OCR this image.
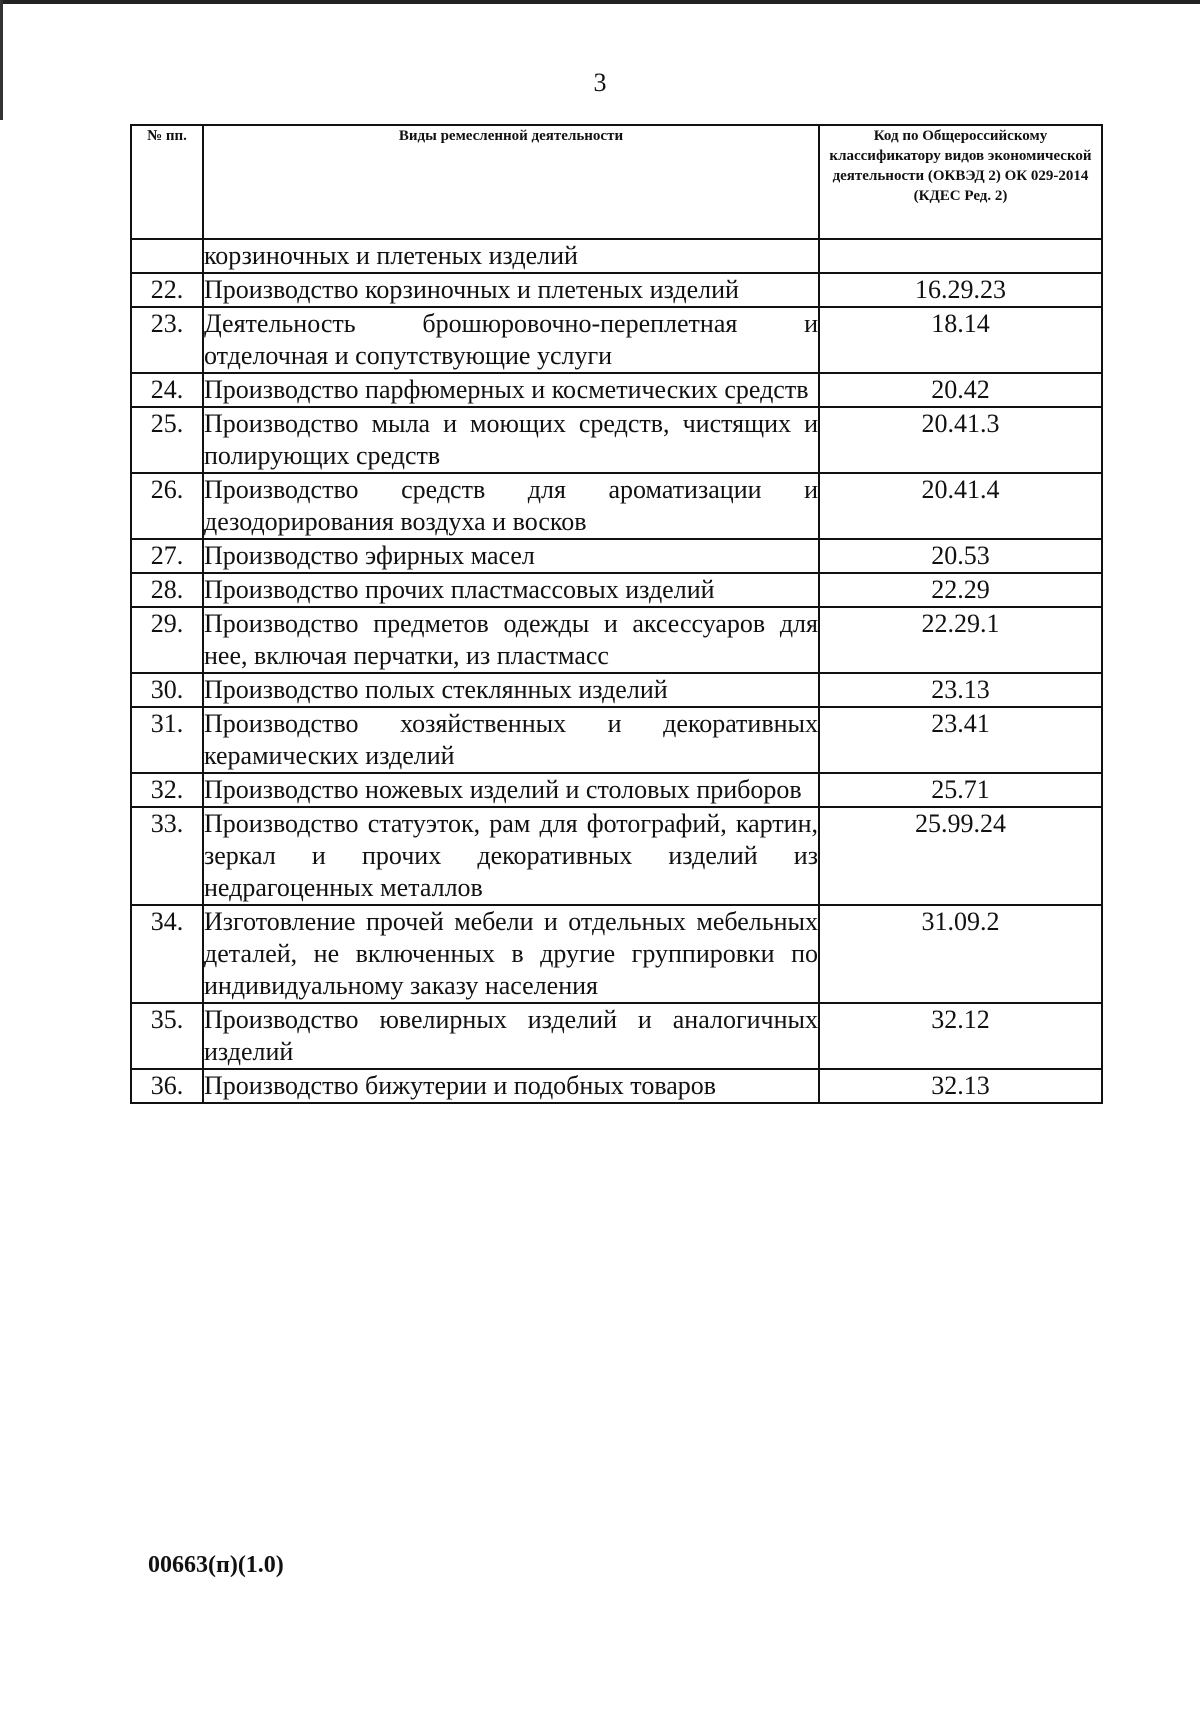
3
№ пп.	Виды ремесленной деятельности	Код по Общероссийскому классификатору видов экономической деятельности (ОКВЭД 2) ОК 029-2014 (КДЕС Ред. 2)
	корзиночных и плетеных изделий	
22.	Производство корзиночных и плетеных изделий	16.29.23
23.	Деятельность брошюровочно-переплетная и отделочная и сопутствующие услуги	18.14
24.	Производство парфюмерных и косметических средств	20.42
25.	Производство мыла и моющих средств, чистящих и полирующих средств	20.41.3
26.	Производство средств для ароматизации и дезодорирования воздуха и восков	20.41.4
27.	Производство эфирных масел	20.53
28.	Производство прочих пластмассовых изделий	22.29
29.	Производство предметов одежды и аксессуаров для нее, включая перчатки, из пластмасс	22.29.1
30.	Производство полых стеклянных изделий	23.13
31.	Производство хозяйственных и декоративных керамических изделий	23.41
32.	Производство ножевых изделий и столовых приборов	25.71
33.	Производство статуэток, рам для фотографий, картин, зеркал и прочих декоративных изделий из недрагоценных металлов	25.99.24
34.	Изготовление прочей мебели и отдельных мебельных деталей, не включенных в другие группировки по индивидуальному заказу населения	31.09.2
35.	Производство ювелирных изделий и аналогичных изделий	32.12
36.	Производство бижутерии и подобных товаров	32.13
00663(п)(1.0)
